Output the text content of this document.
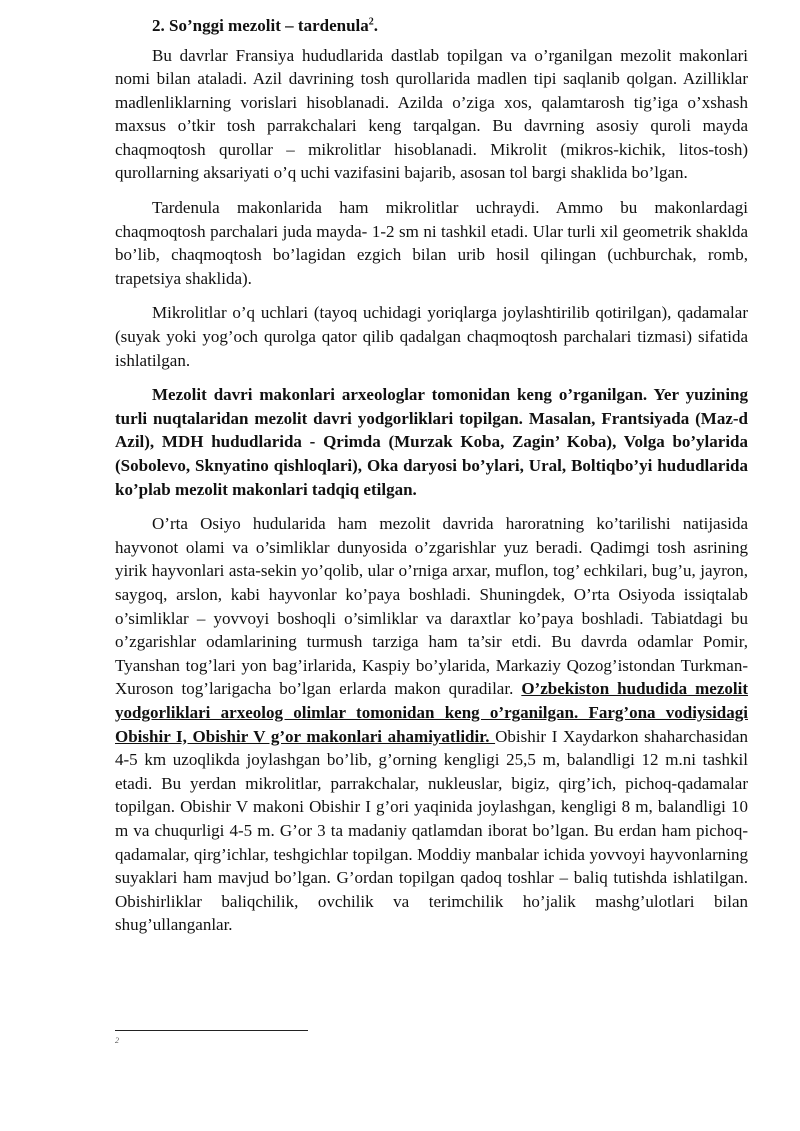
2. So’nggi mezolit – tardenula$^2$.

Bu davrlar Fransiya hududlarida dastlab topilgan va o’rganilgan mezolit makonlari nomi bilan ataladi. Azil davrining tosh qurollarida madlen tipi saqlanib qolgan. Azilliklar madlenliklarning vorislari hisoblanadi. Azilda o’ziga xos, qalamtarosh tig’iga o’xshash maxsus o’tkir tosh parrakchalari keng tarqalgan. Bu davrning asosiy quroli mayda chaqmoqtosh qurollar – mikrolitlar hisoblanadi. Mikrolit (mikros-kichik, litos-tosh) qurollarning aksariyati o’q uchi vazifasini bajarib, asosan tol bargi shaklida bo’lgan.

Tardenula makonlarida ham mikrolitlar uchraydi. Ammo bu makonlardagi chaqmoqtosh parchalari juda mayda- 1-2 sm ni tashkil etadi. Ular turli xil geometrik shakldа bo’lib, chaqmoqtosh bo’lagidan ezgich bilan urib hosil qilingan (uchburchak, romb, trapetsiya shaklida).

Mikrolitlar o’q uchlari (tayoq uchidagi yoriqlarga joylashtirilib qotirilgan), qadamalar (suyak yoki yog’och qurolga qator qilib qadalgan chaqmoqtosh parchalari tizmasi) sifatida ishlatilgan.

Mezolit davri makonlari arxeologlar tomonidan keng o’rganilgan. Yer yuzining turli nuqtalaridan mezolit davri yodgorliklari topilgan. Masalan, Frantsiyada (Maz-d Azil), MDH hududlarida - Qrimda (Murzak Koba, Zagin’ Koba), Volga bo’ylarida (Sobolevo, Sknyatino qishloqlari), Oka daryosi bo’ylari, Ural, Boltiqbo’yi hududlarida ko’plab mezolit makonlari tadqiq etilgan.

O’rta Osiyo hudularida ham mezolit davrida haroratning ko’tarilishi natijasida hayvonot olami va o’simliklar dunyosida o’zgarishlar yuz beradi. Qadimgi tosh asrining yirik hayvonlari asta-sekin yo’qolib, ular o’rniga arxar, muflon, tog’ echkilari, bug’u, jayron, saygoq, arslon, kabi hayvonlar ko’paya boshladi. Shuningdek, O’rta Osiyoda issiqtalab o’simliklar – yovvoyi boshoqli o’simliklar va daraxtlar ko’paya boshladi. Tabiatdagi bu o’zgarishlar odamlarining turmush tarziga ham ta’sir etdi. Bu davrda odamlar Pomir, Tyanshan tog’lari yon bag’irlarida, Kaspiy bo’ylarida, Markaziy Qozog’istondan Turkman-Xuroson tog’larigacha bo’lgan erlarda makon quradilar. O’zbekiston hududida mezolit yodgorliklari arxeolog olimlar tomonidan keng o’rganilgan. Farg’ona vodiysidagi Obishir I, Obishir V g’or makonlari ahamiyatlidir. Obishir I Xaydarkon shaharchasidan 4-5 km uzoqlikda joylashgan bo’lib, g’orning kengligi 25,5 m, balandligi 12 m.ni tashkil etadi. Bu yerdan mikrolitlar, parrakchalar, nukleuslar, bigiz, qirg’ich, pichoq-qadamalar topilgan. Obishir V makoni Obishir I g’ori yaqinida joylashgan, kengligi 8 m, balandligi 10 m va chuqurligi 4-5 m. G’or 3 ta madaniy qatlamdan iborat bo’lgan. Bu erdan ham pichoq-qadamalar, qirg’ichlar, teshgichlar topilgan. Moddiy manbalar ichida yovvoyi hayvonlarning suyaklari ham mavjud bo’lgan. G’ordan topilgan qadoq toshlar – baliq tutishda ishlatilgan. Obishirliklar baliqchilik, ovchilik va terimchilik ho’jalik mashg’ulotlari bilan shug’ullanganlar.

2
